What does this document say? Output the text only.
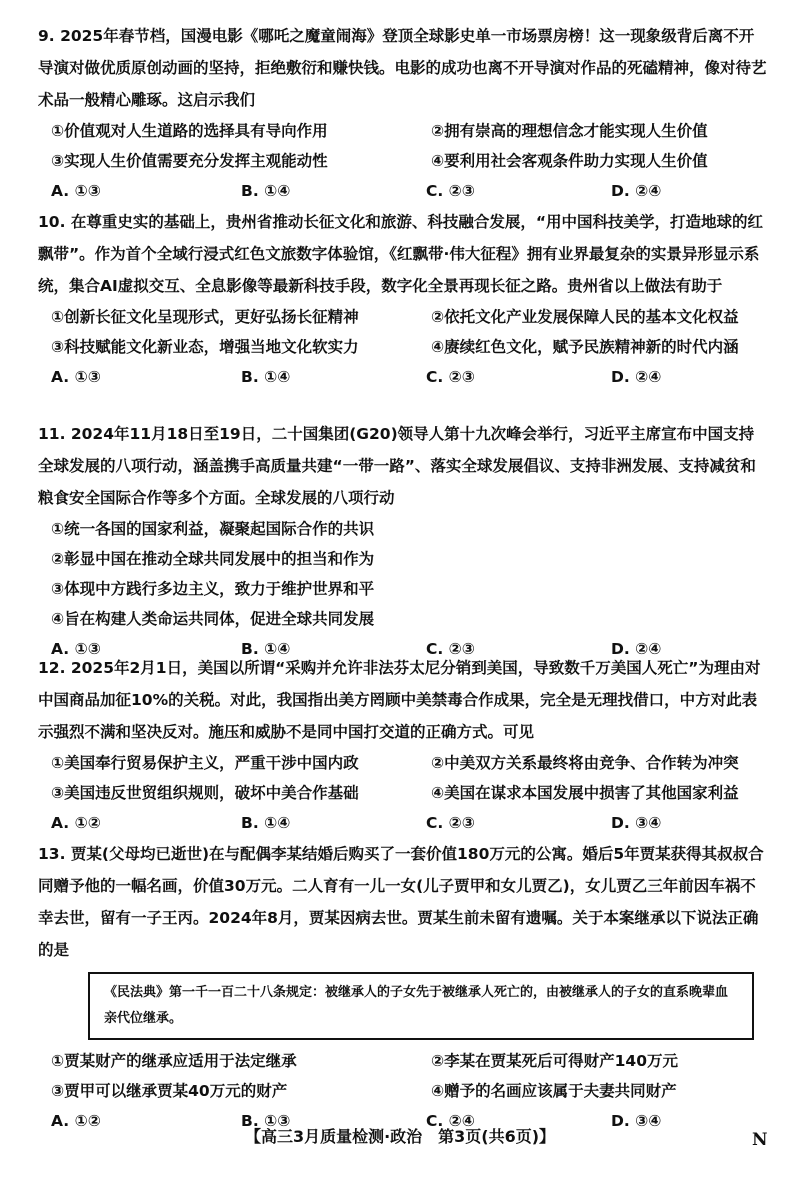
9. 2025年春节档，国漫电影《哪吒之魔童闹海》登顶全球影史单一市场票房榜！这一现象级背后离不开导演对做优质原创动画的坚持，拒绝敷衍和赚快钱。电影的成功也离不开导演对作品的死磕精神，像对待艺术品一般精心雕琢。这启示我们

①价值观对人生道路的选择具有导向作用	②拥有崇高的理想信念才能实现人生价值
③实现人生价值需要充分发挥主观能动性	④要利用社会客观条件助力实现人生价值
A. ①③	B. ①④	C. ②③	D. ②④

10. 在尊重史实的基础上，贵州省推动长征文化和旅游、科技融合发展，“用中国科技美学，打造地球的红飘带”。作为首个全域行浸式红色文旅数字体验馆，《红飘带·伟大征程》拥有业界最复杂的实景异形显示系统，集合AI虚拟交互、全息影像等最新科技手段，数字化全景再现长征之路。贵州省以上做法有助于

①创新长征文化呈现形式，更好弘扬长征精神	②依托文化产业发展保障人民的基本文化权益
③科技赋能文化新业态，增强当地文化软实力	④赓续红色文化，赋予民族精神新的时代内涵
A. ①③	B. ①④	C. ②③	D. ②④

11. 2024年11月18日至19日，二十国集团(G20)领导人第十九次峰会举行，习近平主席宣布中国支持全球发展的八项行动，涵盖携手高质量共建“一带一路”、落实全球发展倡议、支持非洲发展、支持减贫和粮食安全国际合作等多个方面。全球发展的八项行动

①统一各国的国家利益，凝聚起国际合作的共识
②彰显中国在推动全球共同发展中的担当和作为
③体现中方践行多边主义，致力于维护世界和平
④旨在构建人类命运共同体，促进全球共同发展
A. ①③	B. ①④	C. ②③	D. ②④

12. 2025年2月1日，美国以所谓“采购并允许非法芬太尼分销到美国，导致数千万美国人死亡”为理由对中国商品加征10%的关税。对此，我国指出美方罔顾中美禁毒合作成果，完全是无理找借口，中方对此表示强烈不满和坚决反对。施压和威胁不是同中国打交道的正确方式。可见

①美国奉行贸易保护主义，严重干涉中国内政	②中美双方关系最终将由竞争、合作转为冲突
③美国违反世贸组织规则，破坏中美合作基础	④美国在谋求本国发展中损害了其他国家利益
A. ①②	B. ①④	C. ②③	D. ③④

13. 贾某(父母均已逝世)在与配偶李某结婚后购买了一套价值180万元的公寓。婚后5年贾某获得其叔叔合同赠予他的一幅名画，价值30万元。二人育有一儿一女(儿子贾甲和女儿贾乙)，女儿贾乙三年前因车祸不幸去世，留有一子王丙。2024年8月，贾某因病去世。贾某生前未留有遗嘱。关于本案继承以下说法正确的是

《民法典》第一千一百二十八条规定：被继承人的子女先于被继承人死亡的，由被继承人的子女的直系晚辈血亲代位继承。
①贾某财产的继承应适用于法定继承	②李某在贾某死后可得财产140万元
③贾甲可以继承贾某40万元的财产	④赠予的名画应该属于夫妻共同财产
A. ①②	B. ①③	C. ②④	D. ③④
【高三3月质量检测·政治　第3页(共6页)】	N
